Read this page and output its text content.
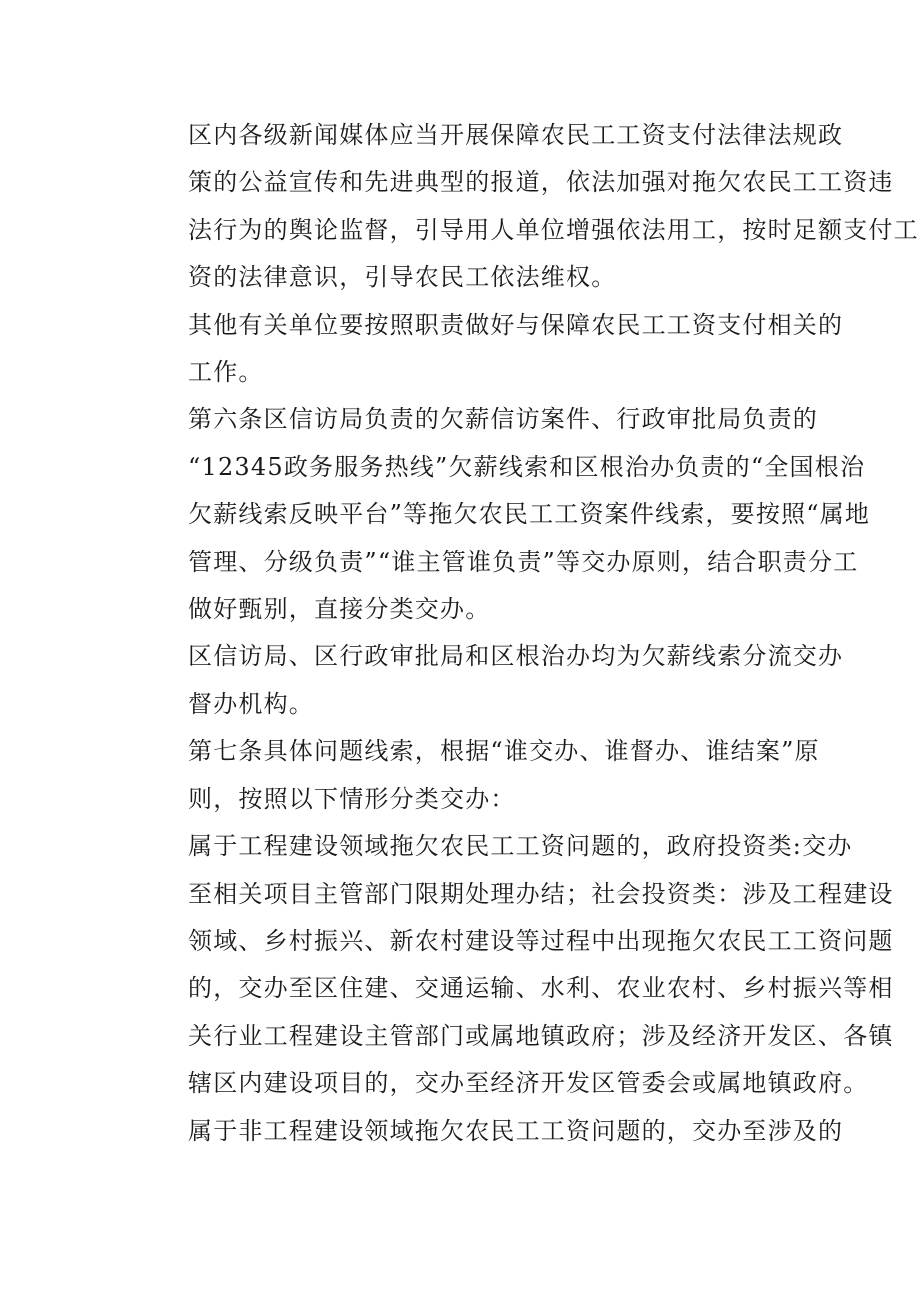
区内各级新闻媒体应当开展保障农民工工资支付法律法规政
策的公益宣传和先进典型的报道，依法加强对拖欠农民工工资违
法行为的舆论监督，引导用人单位增强依法用工，按时足额支付工
资的法律意识，引导农民工依法维权。

其他有关单位要按照职责做好与保障农民工工资支付相关的
工作。

第六条区信访局负责的欠薪信访案件、行政审批局负责的
“12345政务服务热线”欠薪线索和区根治办负责的“全国根治
欠薪线索反映平台”等拖欠农民工工资案件线索，要按照“属地
管理、分级负责”“谁主管谁负责”等交办原则，结合职责分工
做好甄别，直接分类交办。

区信访局、区行政审批局和区根治办均为欠薪线索分流交办
督办机构。

第七条具体问题线索，根据“谁交办、谁督办、谁结案”原
则，按照以下情形分类交办：

属于工程建设领域拖欠农民工工资问题的，政府投资类:交办
至相关项目主管部门限期处理办结；社会投资类：涉及工程建设
领域、乡村振兴、新农村建设等过程中出现拖欠农民工工资问题
的，交办至区住建、交通运输、水利、农业农村、乡村振兴等相
关行业工程建设主管部门或属地镇政府；涉及经济开发区、各镇
辖区内建设项目的，交办至经济开发区管委会或属地镇政府。

属于非工程建设领域拖欠农民工工资问题的，交办至涉及的
